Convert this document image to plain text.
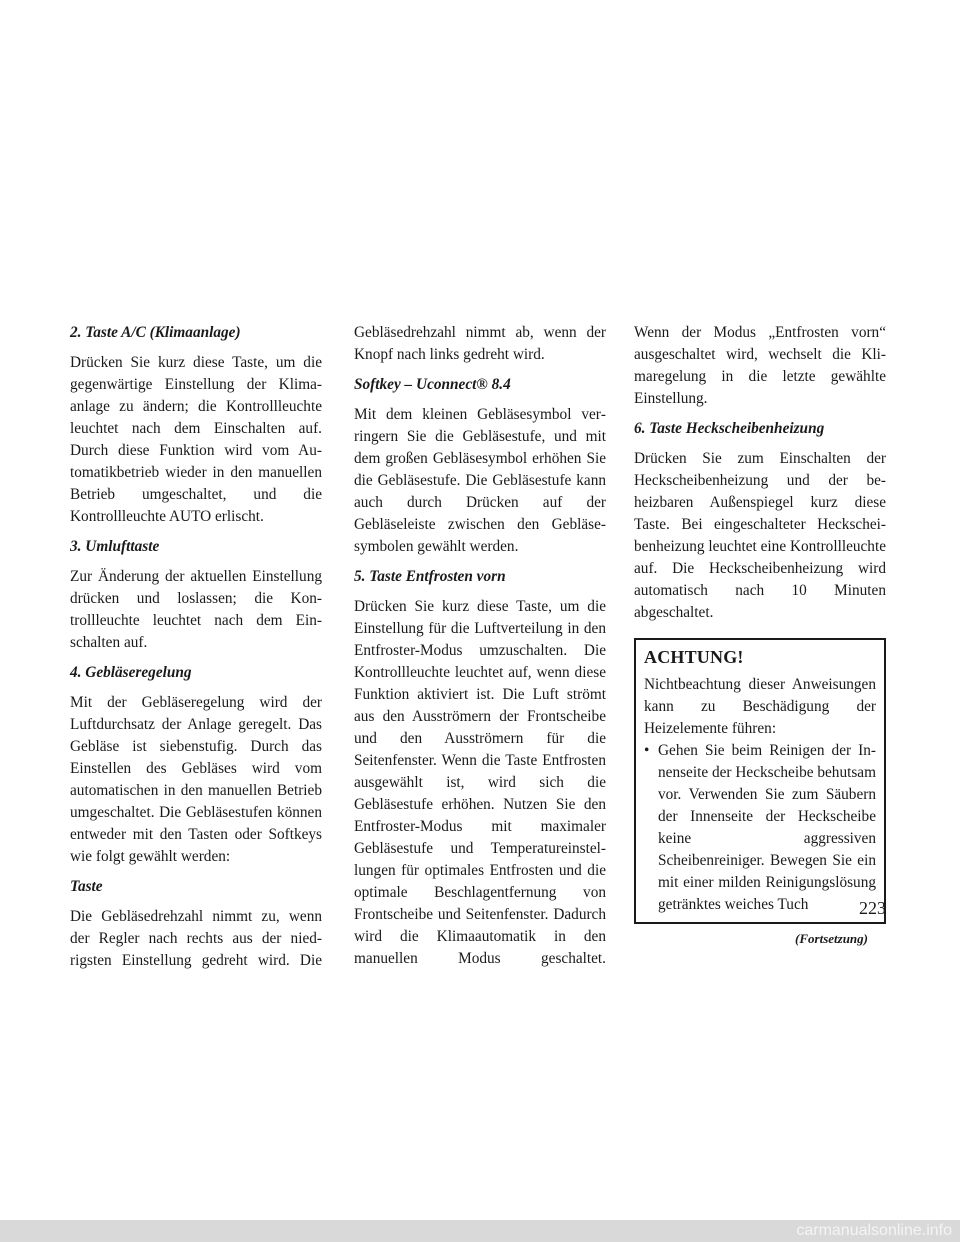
2. Taste A/C (Klimaanlage)

Drücken Sie kurz diese Taste, um die gegenwärtige Einstellung der Klimaanlage zu ändern; die Kontrollleuchte leuchtet nach dem Einschalten auf. Durch diese Funktion wird vom Automatikbetrieb wieder in den manuellen Betrieb umgeschaltet, und die Kontrollleuchte AUTO erlischt.

3. Umlufttaste

Zur Änderung der aktuellen Einstellung drücken und loslassen; die Kontrollleuchte leuchtet nach dem Einschalten auf.

4. Gebläseregelung

Mit der Gebläseregelung wird der Luftdurchsatz der Anlage geregelt. Das Gebläse ist siebenstufig. Durch das Einstellen des Gebläses wird vom automatischen in den manuellen Betrieb umgeschaltet. Die Gebläsestufen können entweder mit den Tasten oder Softkeys wie folgt gewählt werden:

Taste

Die Gebläsedrehzahl nimmt zu, wenn der Regler nach rechts aus der niedrigsten Einstellung gedreht wird. Die

Gebläsedrehzahl nimmt ab, wenn der Knopf nach links gedreht wird.

Softkey – Uconnect® 8.4

Mit dem kleinen Gebläsesymbol verringern Sie die Gebläsestufe, und mit dem großen Gebläsesymbol erhöhen Sie die Gebläsestufe. Die Gebläsestufe kann auch durch Drücken auf der Gebläseleiste zwischen den Gebläsesymbolen gewählt werden.

5. Taste Entfrosten vorn

Drücken Sie kurz diese Taste, um die Einstellung für die Luftverteilung in den Entfroster-Modus umzuschalten. Die Kontrollleuchte leuchtet auf, wenn diese Funktion aktiviert ist. Die Luft strömt aus den Ausströmern der Frontscheibe und den Ausströmern für die Seitenfenster. Wenn die Taste Entfrosten ausgewählt ist, wird sich die Gebläsestufe erhöhen. Nutzen Sie den Entfroster-Modus mit maximaler Gebläsestufe und Temperatureinstellungen für optimales Entfrosten und die optimale Beschlagentfernung von Frontscheibe und Seitenfenster. Dadurch wird die Klimaautomatik in den manuellen Modus geschaltet.

Wenn der Modus „Entfrosten vorn“ ausgeschaltet wird, wechselt die Klimaregelung in die letzte gewählte Einstellung.

6. Taste Heckscheibenheizung

Drücken Sie zum Einschalten der Heckscheibenheizung und der beheizbaren Außenspiegel kurz diese Taste. Bei eingeschalteter Heckscheibenheizung leuchtet eine Kontrollleuchte auf. Die Heckscheibenheizung wird automatisch nach 10 Minuten abgeschaltet.

ACHTUNG!

Nichtbeachtung dieser Anweisungen kann zu Beschädigung der Heizelemente führen:

• Gehen Sie beim Reinigen der Innenseite der Heckscheibe behutsam vor. Verwenden Sie zum Säubern der Innenseite der Heckscheibe keine aggressiven Scheibenreiniger. Bewegen Sie ein mit einer milden Reinigungslösung getränktes weiches Tuch
(Fortsetzung)
223
carmanualsonline.info
